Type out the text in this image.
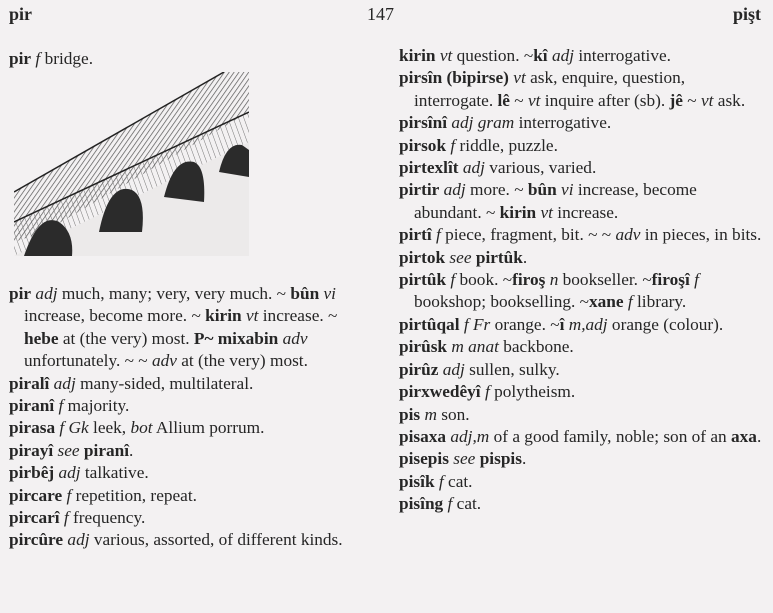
pir	147	pişt

pir f bridge.

pir adj much, many; very, very much. ~ bûn vi increase, become more. ~ kirin vt increase. ~ hebe at (the very) most. P~ mixabin adv unfortunately. ~ ~ adv at (the very) most.

piralî adj many-sided, multilateral.

piranî f majority.

pirasa f Gk leek, bot Allium porrum.

pirayî see piranî.

pirbêj adj talkative.

pircare f repetition, repeat.

pircarî f frequency.

pircûre adj various, assorted, of different kinds.

kirin vt question. ~kî adj interrogative.

pirsîn (bipirse) vt ask, enquire, question, interrogate. lê ~ vt inquire after (sb). jê ~ vt ask.

pirsînî adj gram interrogative.

pirsok f riddle, puzzle.

pirtexlît adj various, varied.

pirtir adj more. ~ bûn vi increase, become abundant. ~ kirin vt increase.

pirtî f piece, fragment, bit. ~ ~ adv in pieces, in bits.

pirtok see pirtûk.

pirtûk f book. ~firoş n bookseller. ~firoşî f bookshop; bookselling. ~xane f library.

pirtûqal f Fr orange. ~î m,adj orange (colour).

pirûsk m anat backbone.

pirûz adj sullen, sulky.

pirxwedêyî f polytheism.

pis m son.

pisaxa adj,m of a good family, noble; son of an axa.

pisepis see pispis.

pisîk f cat.

pisîng f cat.
